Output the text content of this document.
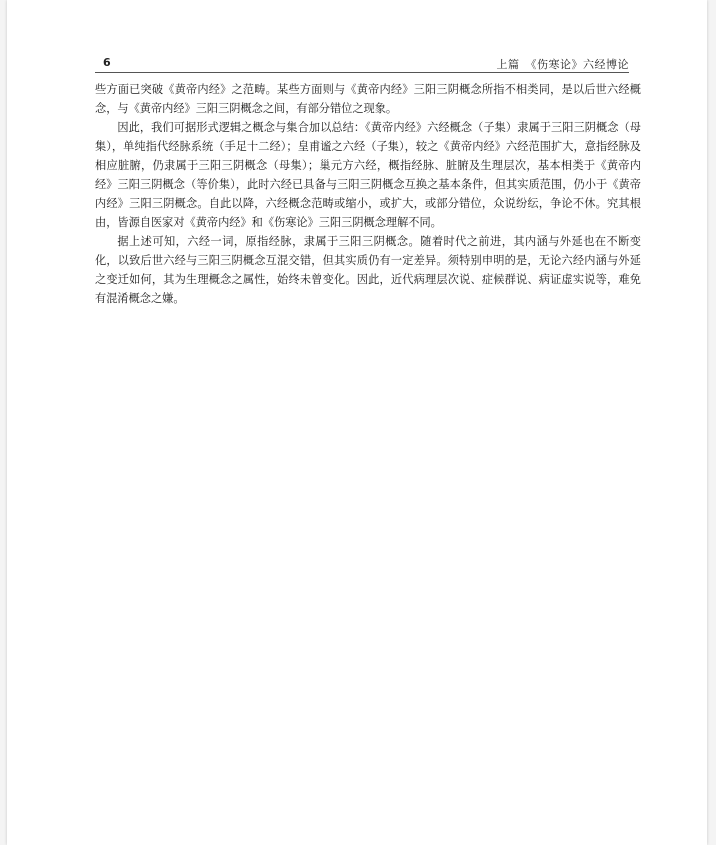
6	上篇　《伤寒论》六经博论

些方面已突破《黄帝内经》之范畴。某些方面则与《黄帝内经》三阳三阴概念所指不相类同，是以后世六经概念，与《黄帝内经》三阳三阴概念之间，有部分错位之现象。

因此，我们可据形式逻辑之概念与集合加以总结：《黄帝内经》六经概念（子集）隶属于三阳三阴概念（母集），单纯指代经脉系统（手足十二经）；皇甫谧之六经（子集），较之《黄帝内经》六经范围扩大，意指经脉及相应脏腑，仍隶属于三阳三阴概念（母集）；巢元方六经，概指经脉、脏腑及生理层次，基本相类于《黄帝内经》三阳三阴概念（等价集），此时六经已具备与三阳三阴概念互换之基本条件，但其实质范围，仍小于《黄帝内经》三阳三阴概念。自此以降，六经概念范畴或缩小，或扩大，或部分错位，众说纷纭，争论不休。究其根由，皆源自医家对《黄帝内经》和《伤寒论》三阳三阴概念理解不同。

据上述可知，六经一词，原指经脉，隶属于三阳三阴概念。随着时代之前进，其内涵与外延也在不断变化，以致后世六经与三阳三阴概念互混交错，但其实质仍有一定差异。须特别申明的是，无论六经内涵与外延之变迁如何，其为生理概念之属性，始终未曾变化。因此，近代病理层次说、症候群说、病证虚实说等，难免有混淆概念之嫌。
